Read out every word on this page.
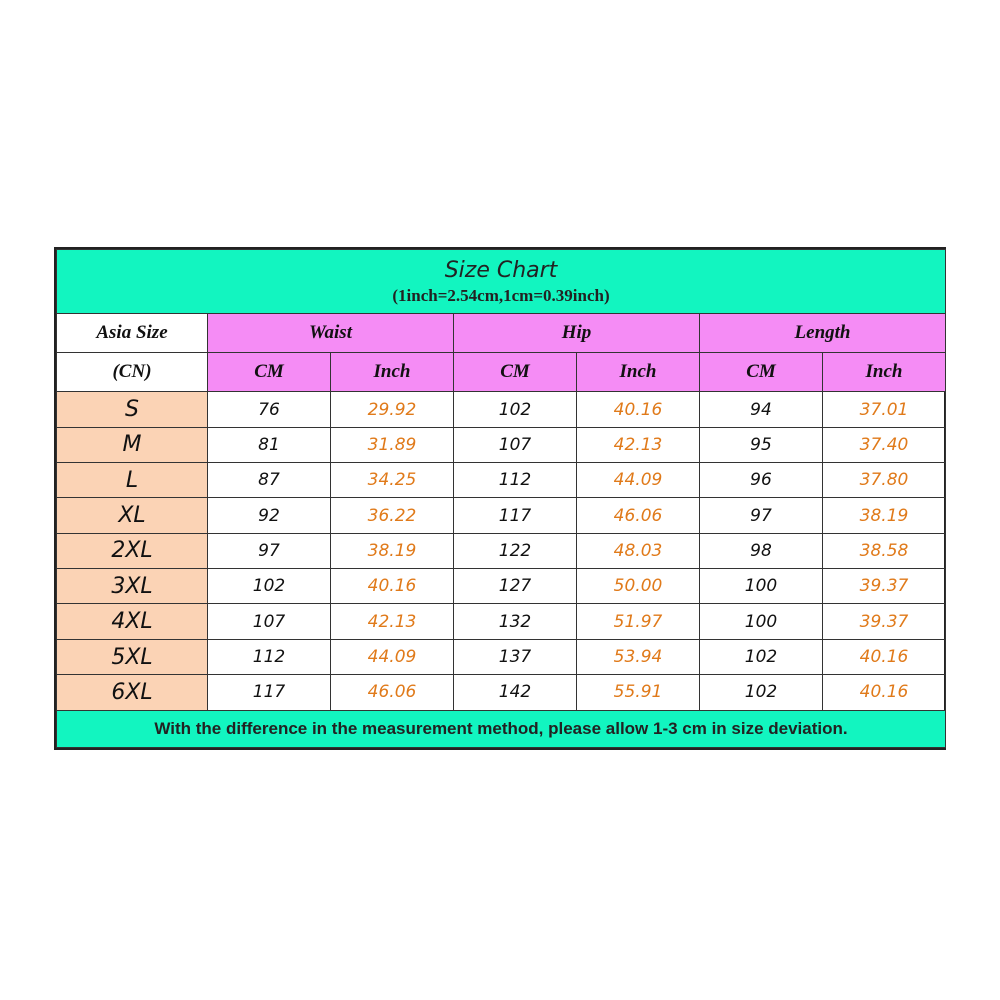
Size Chart
(1inch=2.54cm,1cm=0.39inch)						

Asia Size	Waist		Hip		Length	
(CN)	CM	Inch	CM	Inch	CM	Inch
S	76	29.92	102	40.16	94	37.01
M	81	31.89	107	42.13	95	37.40
L	87	34.25	112	44.09	96	37.80
XL	92	36.22	117	46.06	97	38.19
2XL	97	38.19	122	48.03	98	38.58
3XL	102	40.16	127	50.00	100	39.37
4XL	107	42.13	132	51.97	100	39.37
5XL	112	44.09	137	53.94	102	40.16
6XL	117	46.06	142	55.91	102	40.16
With the difference in the measurement method, please allow 1-3 cm in size deviation.						
